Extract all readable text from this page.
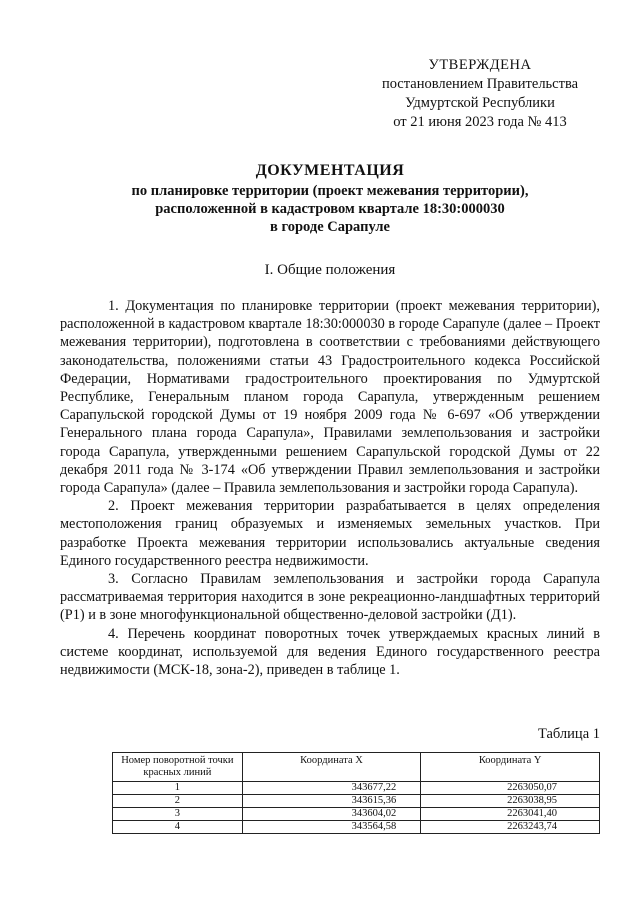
УТВЕРЖДЕНА
постановлением Правительства
Удмуртской Республики
от 21 июня 2023 года № 413
ДОКУМЕНТАЦИЯ
по планировке территории (проект межевания территории),
расположенной в кадастровом квартале 18:30:000030
в городе Сарапуле
I. Общие положения

1. Документация по планировке территории (проект межевания территории), расположенной в кадастровом квартале 18:30:000030 в городе Сарапуле (далее – Проект межевания территории), подготовлена в соответствии с требованиями действующего законодательства, положениями статьи 43 Градостроительного кодекса Российской Федерации, Нормативами градостроительного проектирования по Удмуртской Республике, Генеральным планом города Сарапула, утвержденным решением Сарапульской городской Думы от 19 ноября 2009 года № 6-697 «Об утверждении Генерального плана города Сарапула», Правилами землепользования и застройки города Сарапула, утвержденными решением Сарапульской городской Думы от 22 декабря 2011 года № 3-174 «Об утверждении Правил землепользования и застройки города Сарапула» (далее – Правила землепользования и застройки города Сарапула).

2. Проект межевания территории разрабатывается в целях определения местоположения границ образуемых и изменяемых земельных участков. При разработке Проекта межевания территории использовались актуальные сведения Единого государственного реестра недвижимости.

3. Согласно Правилам землепользования и застройки города Сарапула рассматриваемая территория находится в зоне рекреационно-ландшафтных территорий (Р1) и в зоне многофункциональной общественно-деловой застройки (Д1).

4. Перечень координат поворотных точек утверждаемых красных линий в системе координат, используемой для ведения Единого государственного реестра недвижимости (МСК-18, зона-2), приведен в таблице 1.

Таблица 1
Номер поворотной точки красных линий	Координата X	Координата Y
1	343677,22	2263050,07
2	343615,36	2263038,95
3	343604,02	2263041,40
4	343564,58	2263243,74
